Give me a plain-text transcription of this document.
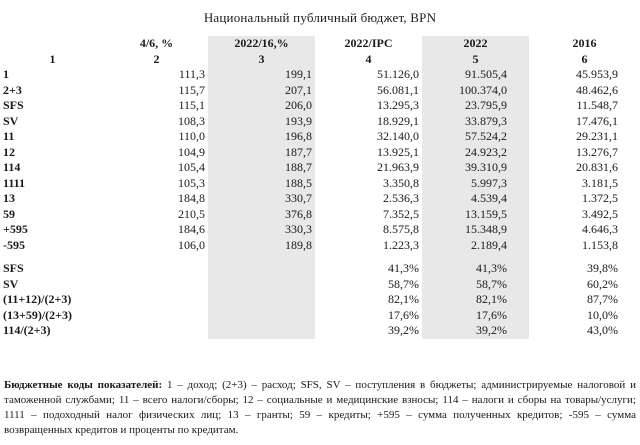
Национальный публичный бюджет, BPN
	4/6, %	2022/16,%	2022/IPC	2022	2016
1	2	3	4	5	6
1	111,3	199,1	51.126,0	91.505,4	45.953,9
2+3	115,7	207,1	56.081,1	100.374,0	48.462,6
SFS	115,1	206,0	13.295,3	23.795,9	11.548,7
SV	108,3	193,9	18.929,1	33.879,3	17.476,1
11	110,0	196,8	32.140,0	57.524,2	29.231,1
12	104,9	187,7	13.925,1	24.923,2	13.276,7
114	105,4	188,7	21.963,9	39.310,9	20.831,6
1111	105,3	188,5	3.350,8	5.997,3	3.181,5
13	184,8	330,7	2.536,3	4.539,4	1.372,5
59	210,5	376,8	7.352,5	13.159,5	3.492,5
+595	184,6	330,3	8.575,8	15.348,9	4.646,3
-595	106,0	189,8	1.223,3	2.189,4	1.153,8

SFS			41,3%	41,3%	39,8%
SV			58,7%	58,7%	60,2%
(11+12)/(2+3)			82,1%	82,1%	87,7%
(13+59)/(2+3)			17,6%	17,6%	10,0%
114/(2+3)			39,2%	39,2%	43,0%
Бюджетные коды показателей: 1 – доход; (2+3) – расход; SFS, SV – поступления в бюджеты; администрируемые налоговой и таможенной службами; 11 – всего налоги/сборы; 12 – социальные и медицинские взносы; 114 – налоги и сборы на товары/услуги; 1111 – подоходный налог физических лиц; 13 – гранты; 59 – кредиты; +595 – сумма полученных кредитов; -595 – сумма возвращенных кредитов и проценты по кредитам.
